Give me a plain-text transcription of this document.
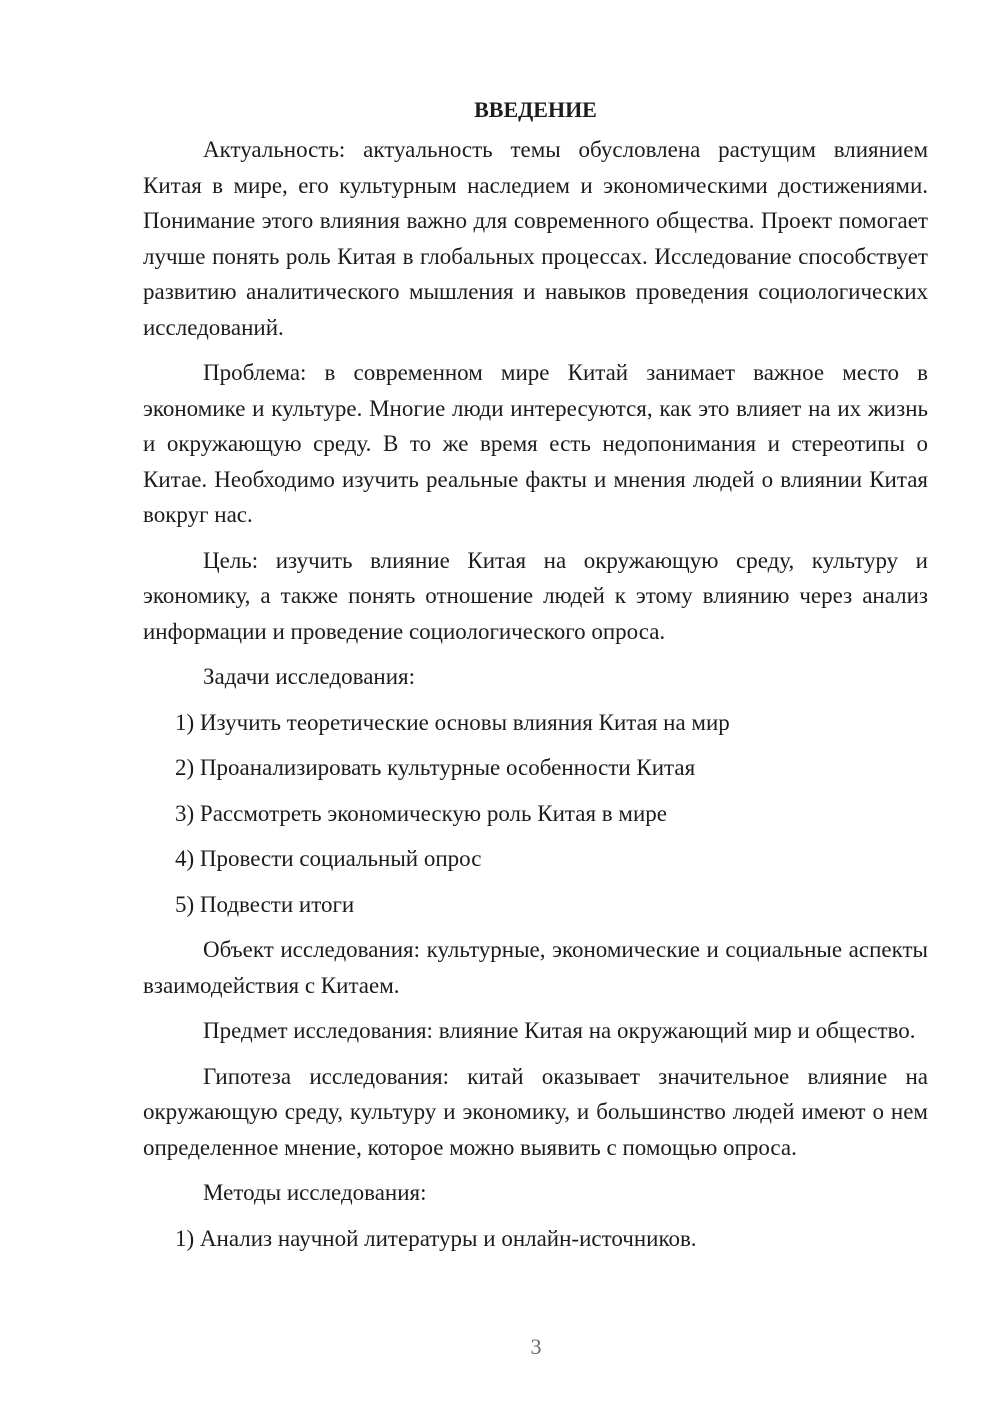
ВВЕДЕНИЕ

Актуальность: актуальность темы обусловлена растущим влиянием Китая в мире, его культурным наследием и экономическими достижениями. Понимание этого влияния важно для современного общества. Проект помогает лучше понять роль Китая в глобальных процессах. Исследование способствует развитию аналитического мышления и навыков проведения социологических исследований.

Проблема: в современном мире Китай занимает важное место в экономике и культуре. Многие люди интересуются, как это влияет на их жизнь и окружающую среду. В то же время есть недопонимания и стереотипы о Китае. Необходимо изучить реальные факты и мнения людей о влиянии Китая вокруг нас.

Цель: изучить влияние Китая на окружающую среду, культуру и экономику, а также понять отношение людей к этому влиянию через анализ информации и проведение социологического опроса.

Задачи исследования:

1) Изучить теоретические основы влияния Китая на мир
2) Проанализировать культурные особенности Китая
3) Рассмотреть экономическую роль Китая в мире
4) Провести социальный опрос
5) Подвести итоги

Объект исследования: культурные, экономические и социальные аспекты взаимодействия с Китаем.

Предмет исследования: влияние Китая на окружающий мир и общество.

Гипотеза исследования: китай оказывает значительное влияние на окружающую среду, культуру и экономику, и большинство людей имеют о нем определенное мнение, которое можно выявить с помощью опроса.

Методы исследования:

1) Анализ научной литературы и онлайн-источников.
3
